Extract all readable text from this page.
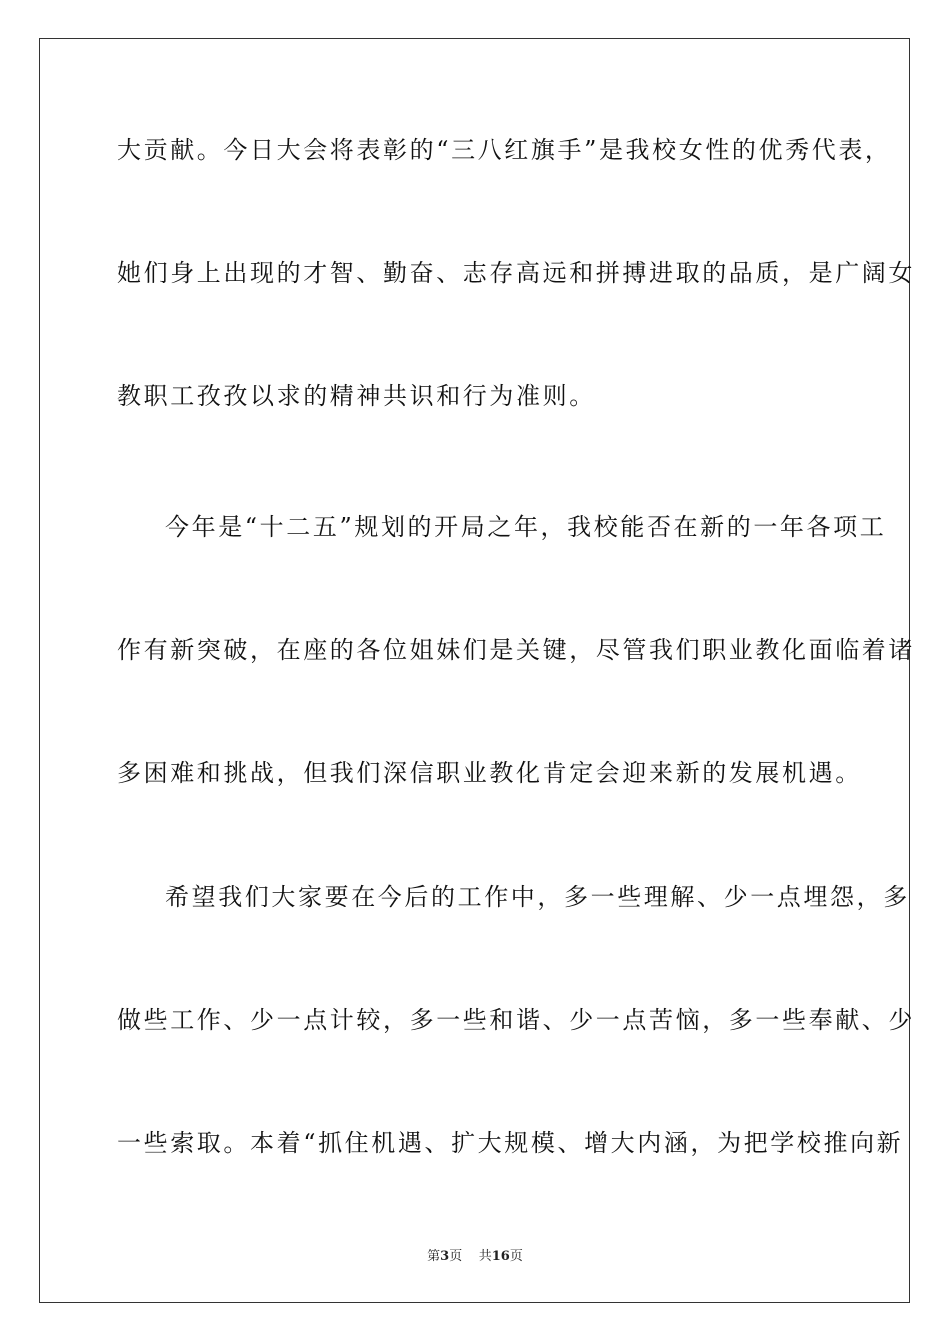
大贡献。今日大会将表彰的“三八红旗手”是我校女性的优秀代表，
她们身上出现的才智、勤奋、志存高远和拼搏进取的品质，是广阔女
教职工孜孜以求的精神共识和行为准则。
今年是“十二五”规划的开局之年，我校能否在新的一年各项工
作有新突破，在座的各位姐妹们是关键，尽管我们职业教化面临着诸
多困难和挑战，但我们深信职业教化肯定会迎来新的发展机遇。
希望我们大家要在今后的工作中，多一些理解、少一点埋怨，多
做些工作、少一点计较，多一些和谐、少一点苦恼，多一些奉献、少
一些索取。本着“抓住机遇、扩大规模、增大内涵，为把学校推向新
第3页 共16页
